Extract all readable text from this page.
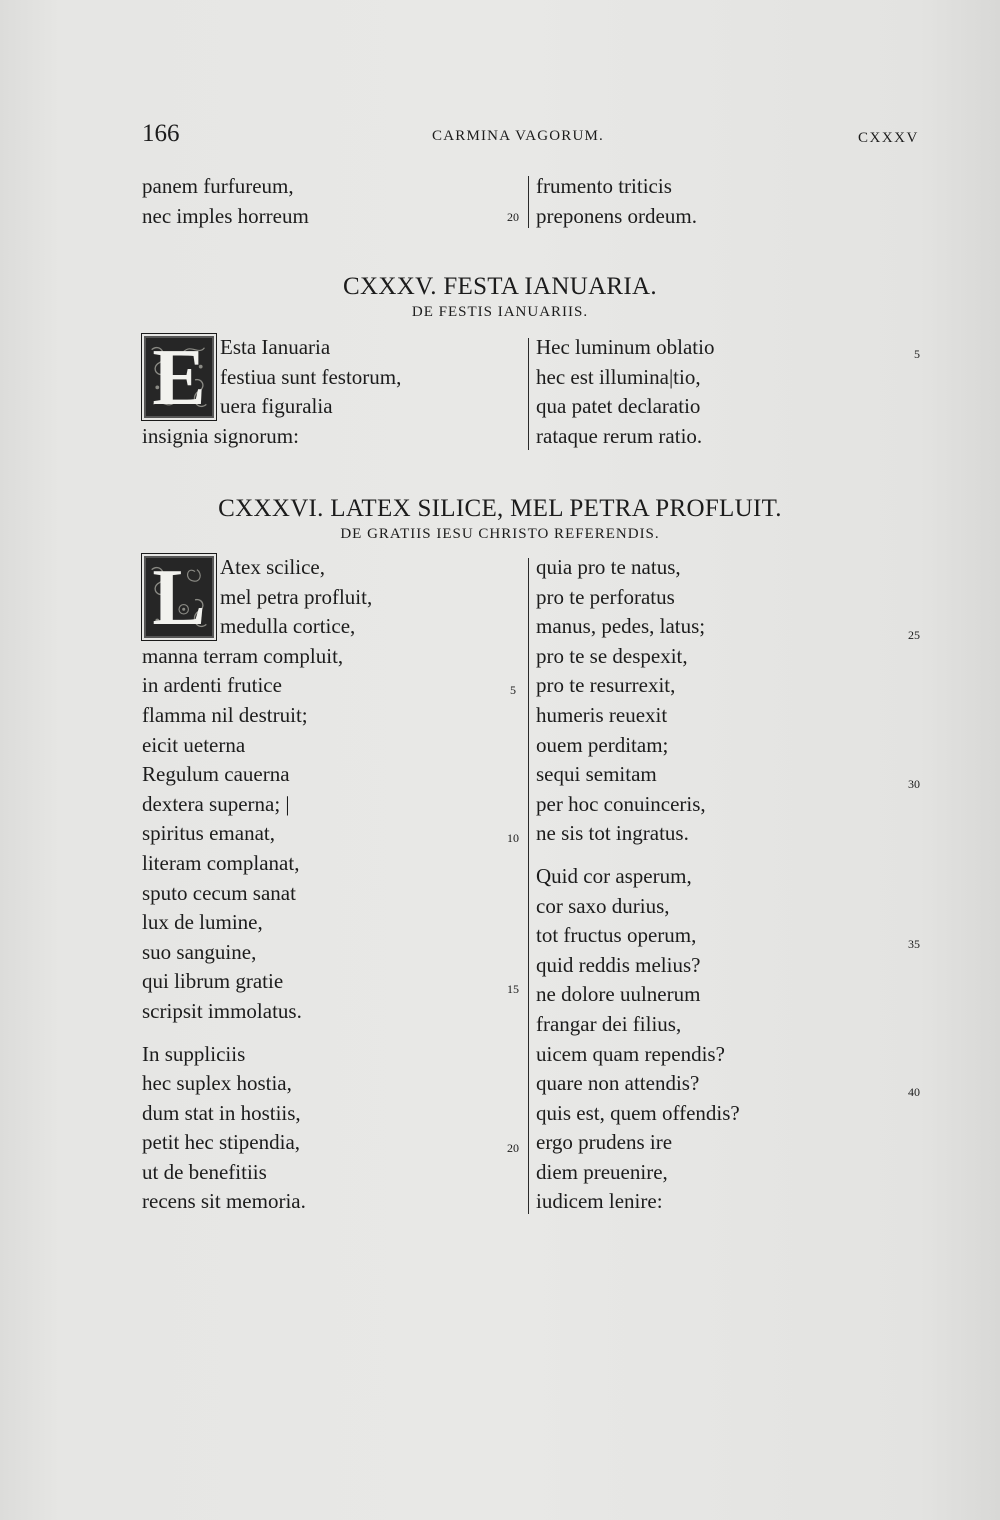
166	CARMINA VAGORUM.	CXXXV
panem furfureum,
nec imples horreum	20
frumento triticis
preponens ordeum.
CXXXV. FESTA IANUARIA.
DE FESTIS IANUARIIS.
E Esta Ianuaria
festiua sunt festorum,
uera figuralia
insignia signorum:
Hec luminum oblatio
hec est illumina|tio,
qua patet declaratio
rataque rerum ratio.
5
CXXXVI. LATEX SILICE, MEL PETRA PROFLUIT.
DE GRATIIS IESU CHRISTO REFERENDIS.
L Atex scilice,
mel petra profluit,
medulla cortice,
manna terram compluit,
in ardenti frutice
flamma nil destruit;
eicit ueterna
Regulum cauerna
dextera superna; |
spiritus emanat,
literam complanat,
sputo cecum sanat
lux de lumine,
suo sanguine,
qui librum gratie
scripsit immolatus.
In suppliciis
hec suplex hostia,
dum stat in hostiis,
petit hec stipendia,
ut de benefitiis
recens sit memoria.
5
10
15
20
quia pro te natus,
pro te perforatus
manus, pedes, latus;
pro te se despexit,
pro te resurrexit,
humeris reuexit
ouem perditam;
sequi semitam
per hoc conuinceris,
ne sis tot ingratus.
Quid cor asperum,
cor saxo durius,
tot fructus operum,
quid reddis melius?
ne dolore uulnerum
frangar dei filius,
uicem quam rependis?
quare non attendis?
quis est, quem offendis?
ergo prudens ire
diem preuenire,
iudicem lenire:
25
30
35
40
